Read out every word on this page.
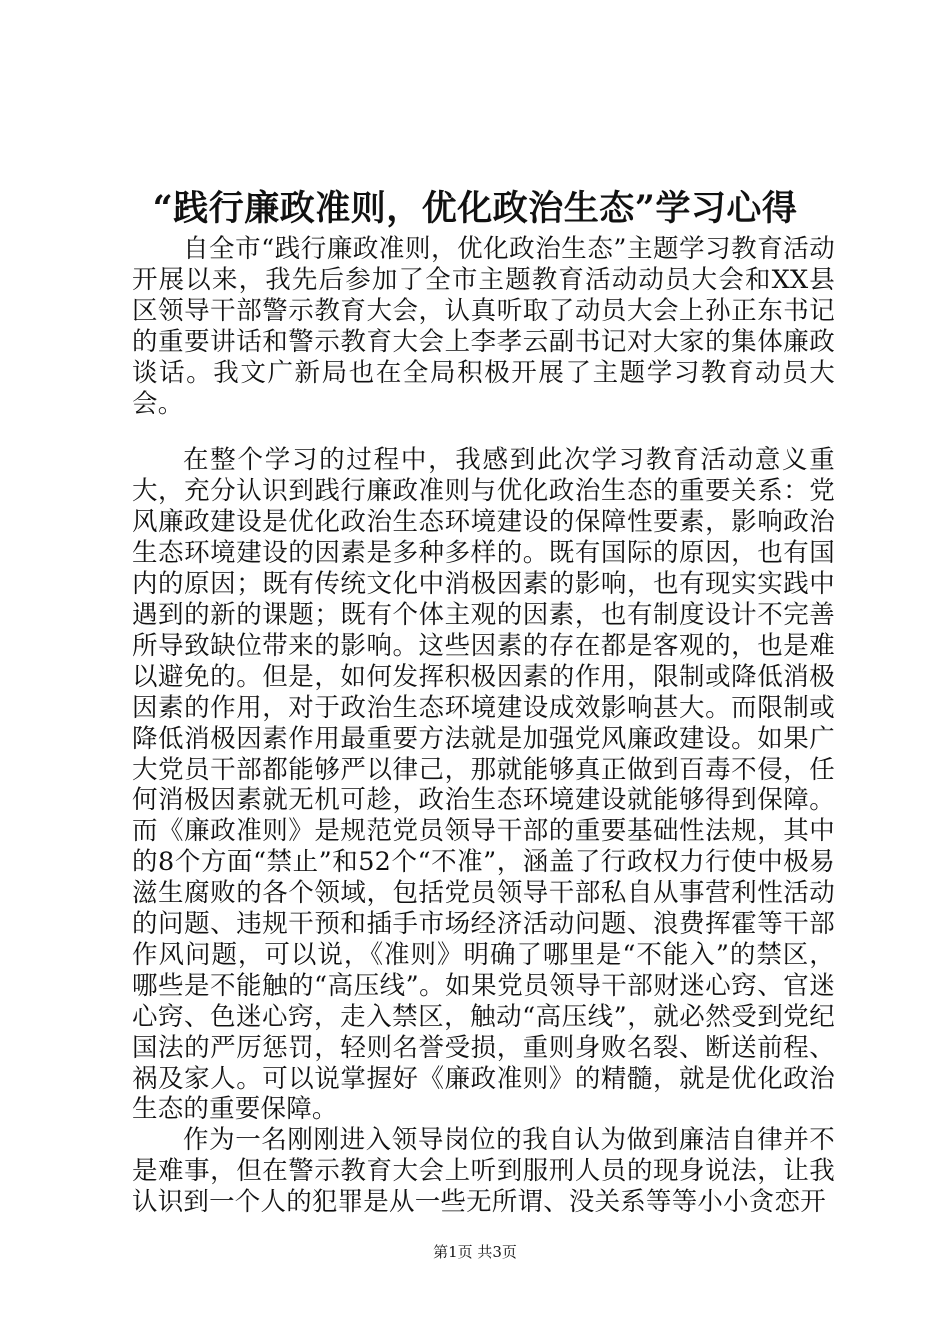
“践行廉政准则，优化政治生态”学习心得

自全市“践行廉政准则，优化政治生态”主题学习教育活动开展以来，我先后参加了全市主题教育活动动员大会和XX县区领导干部警示教育大会，认真听取了动员大会上孙正东书记的重要讲话和警示教育大会上李孝云副书记对大家的集体廉政谈话。我文广新局也在全局积极开展了主题学习教育动员大会。

在整个学习的过程中，我感到此次学习教育活动意义重大，充分认识到践行廉政准则与优化政治生态的重要关系：党风廉政建设是优化政治生态环境建设的保障性要素，影响政治生态环境建设的因素是多种多样的。既有国际的原因，也有国内的原因；既有传统文化中消极因素的影响，也有现实实践中遇到的新的课题；既有个体主观的因素，也有制度设计不完善所导致缺位带来的影响。这些因素的存在都是客观的，也是难以避免的。但是，如何发挥积极因素的作用，限制或降低消极因素的作用，对于政治生态环境建设成效影响甚大。而限制或降低消极因素作用最重要方法就是加强党风廉政建设。如果广大党员干部都能够严以律己，那就能够真正做到百毒不侵，任何消极因素就无机可趁，政治生态环境建设就能够得到保障。而《廉政准则》是规范党员领导干部的重要基础性法规，其中的8个方面“禁止”和52个“不准”，涵盖了行政权力行使中极易滋生腐败的各个领域，包括党员领导干部私自从事营利性活动的问题、违规干预和插手市场经济活动问题、浪费挥霍等干部作风问题，可以说，《准则》明确了哪里是“不能入”的禁区，哪些是不能触的“高压线”。如果党员领导干部财迷心窍、官迷心窍、色迷心窍，走入禁区，触动“高压线”，就必然受到党纪国法的严厉惩罚，轻则名誉受损，重则身败名裂、断送前程、祸及家人。可以说掌握好《廉政准则》的精髓，就是优化政治生态的重要保障。

作为一名刚刚进入领导岗位的我自认为做到廉洁自律并不是难事，但在警示教育大会上听到服刑人员的现身说法，让我认识到一个人的犯罪是从一些无所谓、没关系等等小小贪恋开

第1页 共3页
